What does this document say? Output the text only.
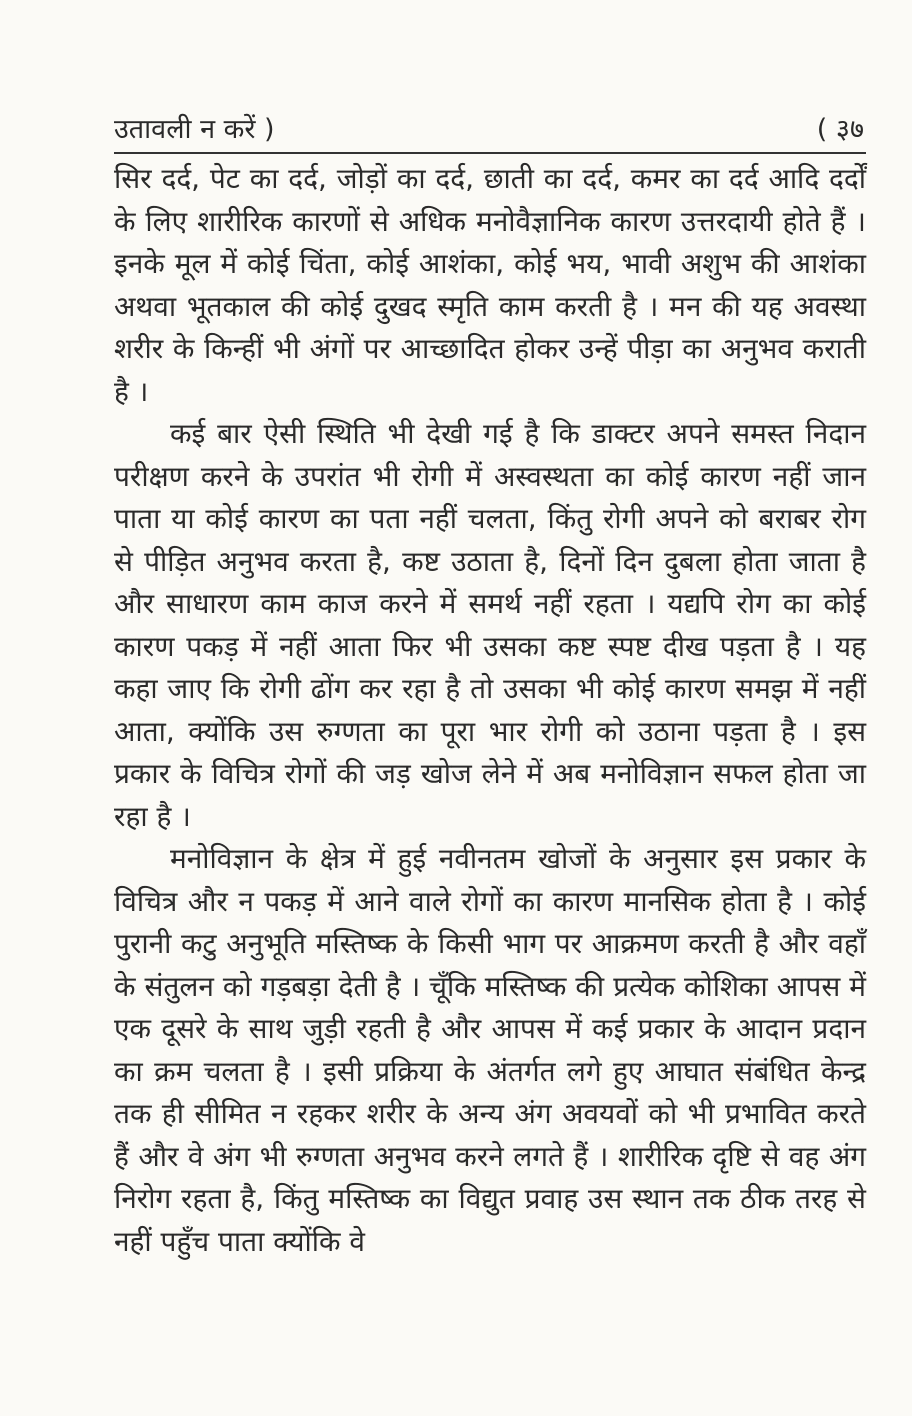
उतावली न करें )	( ३७

सिर दर्द, पेट का दर्द, जोड़ों का दर्द, छाती का दर्द, कमर का दर्द आदि दर्दों के लिए शारीरिक कारणों से अधिक मनोवैज्ञानिक कारण उत्तरदायी होते हैं । इनके मूल में कोई चिंता, कोई आशंका, कोई भय, भावी अशुभ की आशंका अथवा भूतकाल की कोई दुखद स्मृति काम करती है । मन की यह अवस्था शरीर के किन्हीं भी अंगों पर आच्छादित होकर उन्हें पीड़ा का अनुभव कराती है ।

कई बार ऐसी स्थिति भी देखी गई है कि डाक्टर अपने समस्त निदान परीक्षण करने के उपरांत भी रोगी में अस्वस्थता का कोई कारण नहीं जान पाता या कोई कारण का पता नहीं चलता, किंतु रोगी अपने को बराबर रोग से पीड़ित अनुभव करता है, कष्ट उठाता है, दिनों दिन दुबला होता जाता है और साधारण काम काज करने में समर्थ नहीं रहता । यद्यपि रोग का कोई कारण पकड़ में नहीं आता फिर भी उसका कष्ट स्पष्ट दीख पड़ता है । यह कहा जाए कि रोगी ढोंग कर रहा है तो उसका भी कोई कारण समझ में नहीं आता, क्योंकि उस रुग्णता का पूरा भार रोगी को उठाना पड़ता है । इस प्रकार के विचित्र रोगों की जड़ खोज लेने में अब मनोविज्ञान सफल होता जा रहा है ।

मनोविज्ञान के क्षेत्र में हुई नवीनतम खोजों के अनुसार इस प्रकार के विचित्र और न पकड़ में आने वाले रोगों का कारण मानसिक होता है । कोई पुरानी कटु अनुभूति मस्तिष्क के किसी भाग पर आक्रमण करती है और वहाँ के संतुलन को गड़बड़ा देती है । चूँकि मस्तिष्क की प्रत्येक कोशिका आपस में एक दूसरे के साथ जुड़ी रहती है और आपस में कई प्रकार के आदान प्रदान का क्रम चलता है । इसी प्रक्रिया के अंतर्गत लगे हुए आघात संबंधित केन्द्र तक ही सीमित न रहकर शरीर के अन्य अंग अवयवों को भी प्रभावित करते हैं और वे अंग भी रुग्णता अनुभव करने लगते हैं । शारीरिक दृष्टि से वह अंग निरोग रहता है, किंतु मस्तिष्क का विद्युत प्रवाह उस स्थान तक ठीक तरह से नहीं पहुँच पाता क्योंकि वे
